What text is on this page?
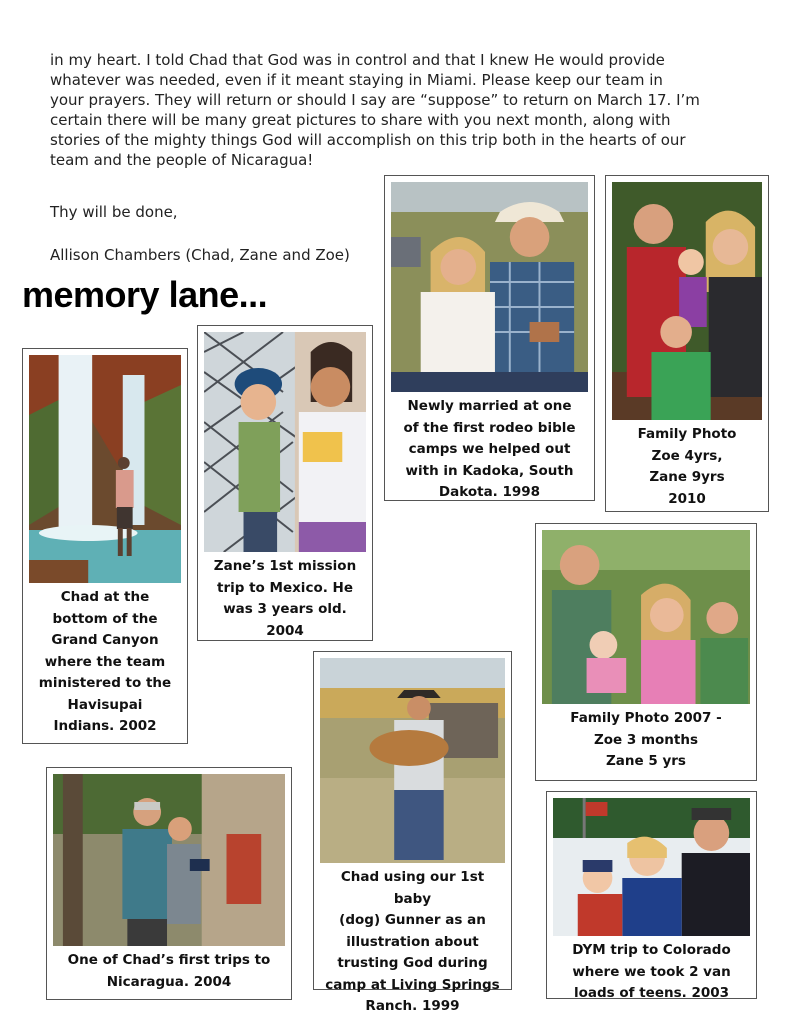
in my heart. I told Chad that God was in control and that I knew He would provide

whatever was needed, even if it meant staying in Miami. Please keep our team in

your prayers. They will return or should I say are “suppose” to return on March 17. I’m

certain there will be many great pictures to share with you next month, along with

stories of the mighty things God will accomplish on this trip both in the hearts of our

team and the people of Nicaragua!

Thy will be done,
Allison Chambers (Chad, Zane and Zoe)
memory lane...
Chad at the
bottom of the
Grand Canyon
where the team
ministered to the
Havisupai
Indians. 2002
Zane’s 1st mission
trip to Mexico. He
was 3 years old.
2004
Newly married at one
of the first rodeo bible
camps we helped out
with in Kadoka, South
Dakota. 1998
Family Photo
Zoe 4yrs,
Zane 9yrs
2010
Family Photo 2007 -
Zoe 3 months
Zane 5 yrs
Chad using our 1st baby
(dog) Gunner as an
illustration about
trusting God during
camp at Living Springs
Ranch. 1999
One of Chad’s first trips to
Nicaragua. 2004
DYM trip to Colorado
where we took 2 van
loads of teens. 2003
